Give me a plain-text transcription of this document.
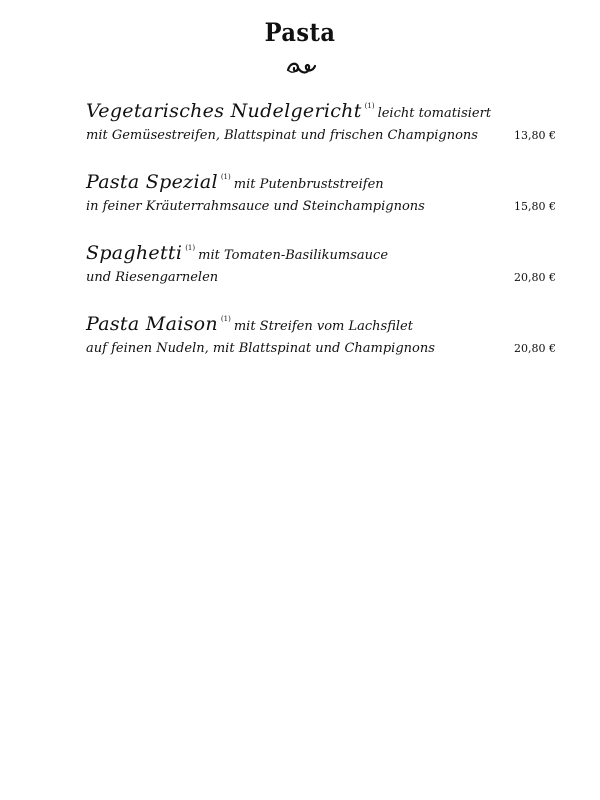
Pasta
Vegetarisches Nudelgericht $^{(1)}$ leicht tomatisiert
mit Gemüsestreifen, Blattspinat und frischen Champignons	13,80 €
Pasta Spezial $^{(1)}$ mit Putenbruststreifen
in feiner Kräuterrahmsauce und Steinchampignons	15,80 €
Spaghetti $^{(1)}$ mit Tomaten-Basilikumsauce
und Riesengarnelen	20,80 €
Pasta Maison $^{(1)}$ mit Streifen vom Lachsfilet
auf feinen Nudeln, mit Blattspinat und Champignons	20,80 €
